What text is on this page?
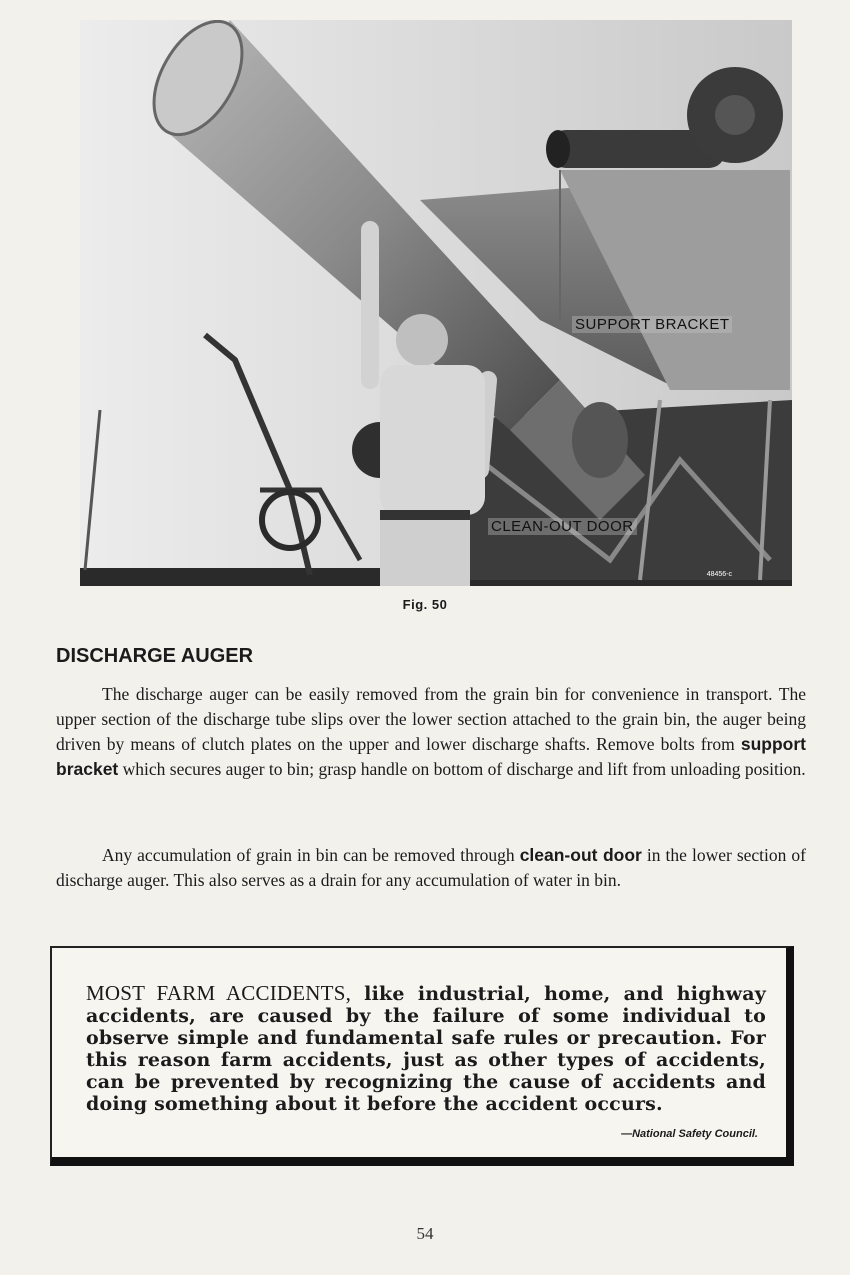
SUPPORT BRACKET
CLEAN-OUT DOOR
48456-c
Fig. 50
DISCHARGE AUGER

The discharge auger can be easily removed from the grain bin for convenience in transport. The upper section of the discharge tube slips over the lower section attached to the grain bin, the auger being driven by means of clutch plates on the upper and lower discharge shafts. Remove bolts from support bracket which secures auger to bin; grasp handle on bottom of discharge and lift from unloading position.

Any accumulation of grain in bin can be removed through clean-out door in the lower section of discharge auger. This also serves as a drain for any accumulation of water in bin.

MOST FARM ACCIDENTS, like industrial, home, and highway accidents, are caused by the failure of some individual to observe simple and fundamental safe rules or precaution. For this reason farm accidents, just as other types of accidents, can be prevented by recognizing the cause of accidents and doing something about it before the accident occurs.

—National Safety Council.
54
